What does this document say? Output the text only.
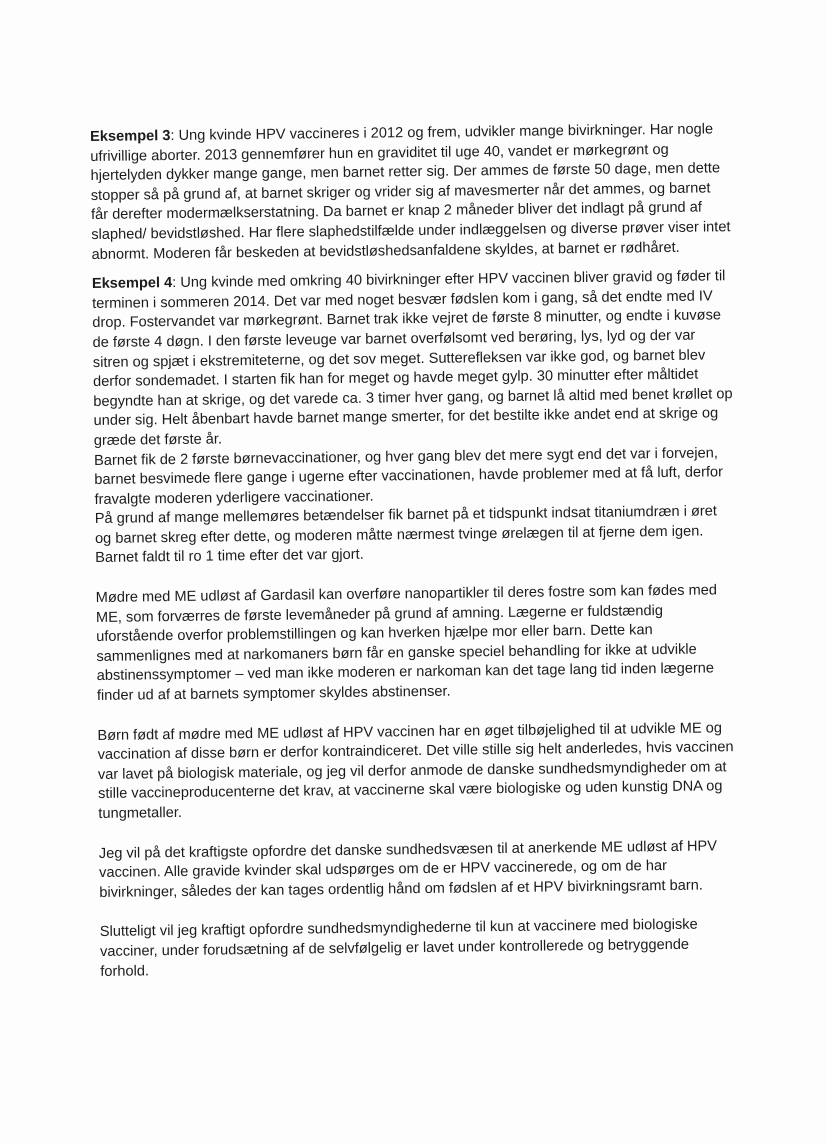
Eksempel 3: Ung kvinde HPV vaccineres i 2012 og frem, udvikler mange bivirkninger. Har nogle
ufrivillige aborter. 2013 gennemfører hun en graviditet til uge 40, vandet er mørkegrønt og
hjertelyden dykker mange gange, men barnet retter sig. Der ammes de første 50 dage, men dette
stopper så på grund af, at barnet skriger og vrider sig af mavesmerter når det ammes, og barnet
får derefter modermælkserstatning. Da barnet er knap 2 måneder bliver det indlagt på grund af
slaphed/ bevidstløshed. Har flere slaphedstilfælde under indlæggelsen og diverse prøver viser intet
abnormt. Moderen får beskeden at bevidstløshedsanfaldene skyldes, at barnet er rødhåret.
Eksempel 4: Ung kvinde med omkring 40 bivirkninger efter HPV vaccinen bliver gravid og føder til
terminen i sommeren 2014. Det var med noget besvær fødslen kom i gang, så det endte med IV
drop. Fostervandet var mørkegrønt. Barnet trak ikke vejret de første 8 minutter, og endte i kuvøse
de første 4 døgn. I den første leveuge var barnet overfølsomt ved berøring, lys, lyd og der var
sitren og spjæt i ekstremiteterne, og det sov meget. Sutterefleksen var ikke god, og barnet blev
derfor sondemadet. I starten fik han for meget og havde meget gylp. 30 minutter efter måltidet
begyndte han at skrige, og det varede ca. 3 timer hver gang, og barnet lå altid med benet krøllet op
under sig. Helt åbenbart havde barnet mange smerter, for det bestilte ikke andet end at skrige og
græde det første år.
Barnet fik de 2 første børnevaccinationer, og hver gang blev det mere sygt end det var i forvejen,
barnet besvimede flere gange i ugerne efter vaccinationen, havde problemer med at få luft, derfor
fravalgte moderen yderligere vaccinationer.
På grund af mange mellemøres betændelser fik barnet på et tidspunkt indsat titaniumdræn i øret
og barnet skreg efter dette, og moderen måtte nærmest tvinge ørelægen til at fjerne dem igen.
Barnet faldt til ro 1 time efter det var gjort.
Mødre med ME udløst af Gardasil kan overføre nanopartikler til deres fostre som kan fødes med
ME, som forværres de første levemåneder på grund af amning. Lægerne er fuldstændig
uforstående overfor problemstillingen og kan hverken hjælpe mor eller barn. Dette kan
sammenlignes med at narkomaners børn får en ganske speciel behandling for ikke at udvikle
abstinenssymptomer – ved man ikke moderen er narkoman kan det tage lang tid inden lægerne
finder ud af at barnets symptomer skyldes abstinenser.
Børn født af mødre med ME udløst af HPV vaccinen har en øget tilbøjelighed til at udvikle ME og
vaccination af disse børn er derfor kontraindiceret. Det ville stille sig helt anderledes, hvis vaccinen
var lavet på biologisk materiale, og jeg vil derfor anmode de danske sundhedsmyndigheder om at
stille vaccineproducenterne det krav, at vaccinerne skal være biologiske og uden kunstig DNA og
tungmetaller.
Jeg vil på det kraftigste opfordre det danske sundhedsvæsen til at anerkende ME udløst af HPV
vaccinen. Alle gravide kvinder skal udspørges om de er HPV vaccinerede, og om de har
bivirkninger, således der kan tages ordentlig hånd om fødslen af et HPV bivirkningsramt barn.
Slutteligt vil jeg kraftigt opfordre sundhedsmyndighederne til kun at vaccinere med biologiske
vacciner, under forudsætning af de selvfølgelig er lavet under kontrollerede og betryggende
forhold.
